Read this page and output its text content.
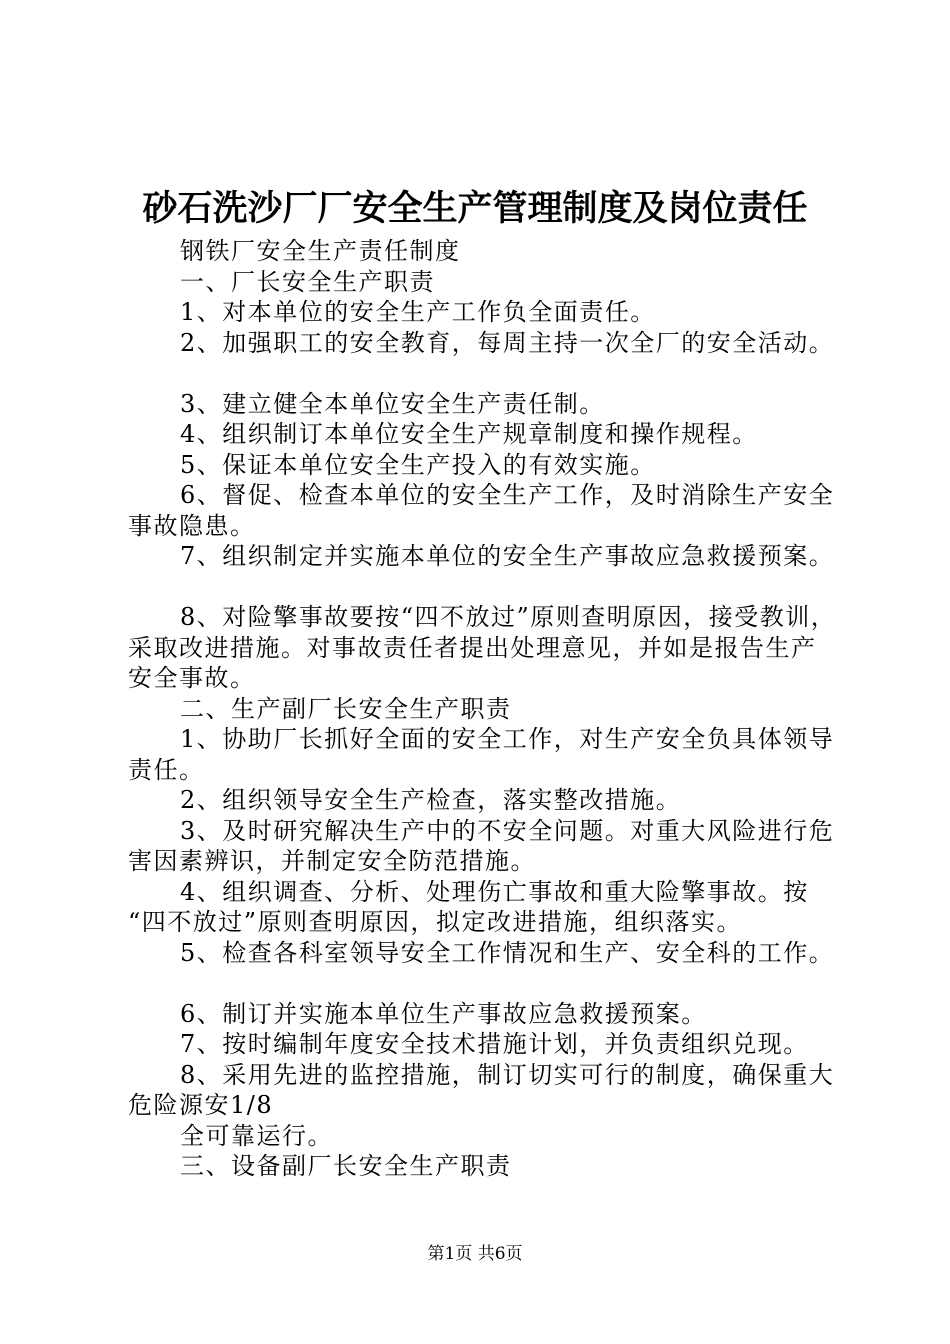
砂石洗沙厂厂安全生产管理制度及岗位责任
钢铁厂安全生产责任制度
一、厂长安全生产职责
1、对本单位的安全生产工作负全面责任。
2、加强职工的安全教育，每周主持一次全厂的安全活动。
3、建立健全本单位安全生产责任制。
4、组织制订本单位安全生产规章制度和操作规程。
5、保证本单位安全生产投入的有效实施。
6、督促、检查本单位的安全生产工作，及时消除生产安全
事故隐患。
7、组织制定并实施本单位的安全生产事故应急救援预案。
8、对险擎事故要按“四不放过”原则查明原因，接受教训，
采取改进措施。对事故责任者提出处理意见，并如是报告生产
安全事故。
二、生产副厂长安全生产职责
1、协助厂长抓好全面的安全工作，对生产安全负具体领导
责任。
2、组织领导安全生产检查，落实整改措施。
3、及时研究解决生产中的不安全问题。对重大风险进行危
害因素辨识，并制定安全防范措施。
4、组织调查、分析、处理伤亡事故和重大险擎事故。按
“四不放过”原则查明原因，拟定改进措施，组织落实。
5、检查各科室领导安全工作情况和生产、安全科的工作。
6、制订并实施本单位生产事故应急救援预案。
7、按时编制年度安全技术措施计划，并负责组织兑现。
8、采用先进的监控措施，制订切实可行的制度，确保重大
危险源安1/8
全可靠运行。
三、设备副厂长安全生产职责
第1页 共6页
